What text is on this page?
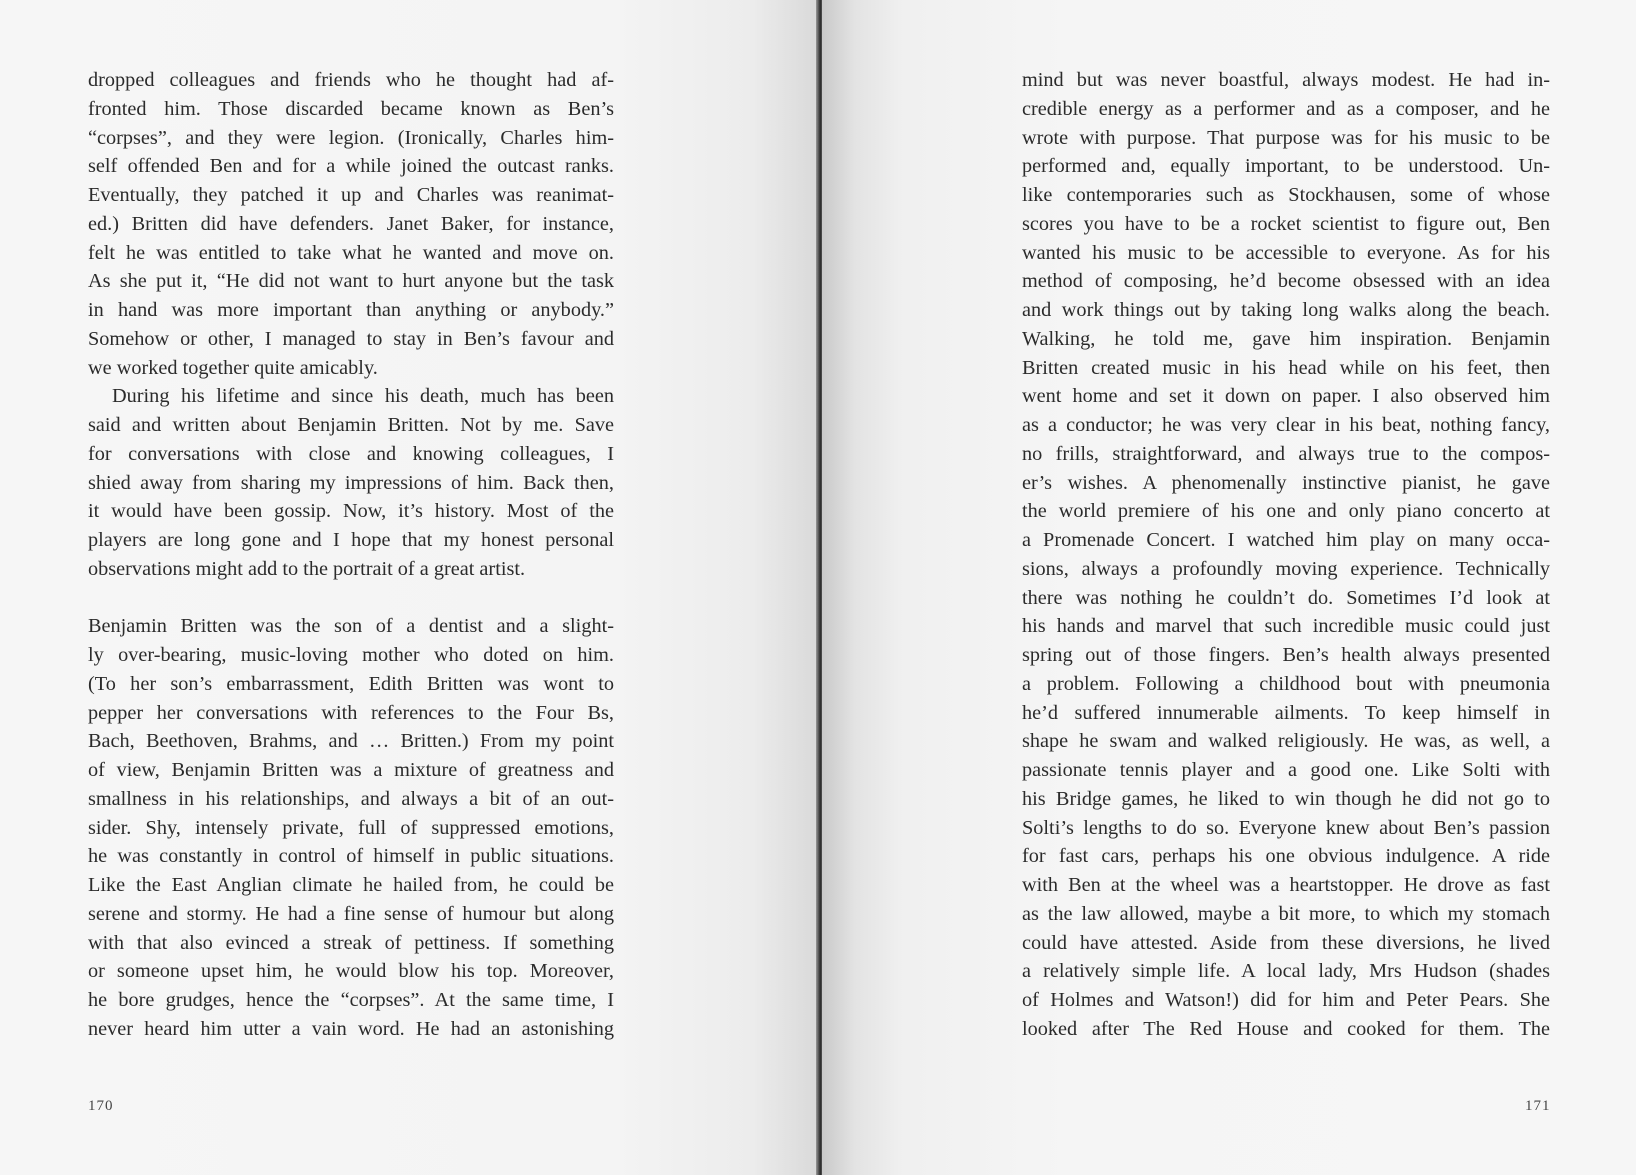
dropped colleagues and friends who he thought had af-
fronted him. Those discarded became known as Ben’s
“corpses”, and they were legion. (Ironically, Charles him-
self offended Ben and for a while joined the outcast ranks.
Eventually, they patched it up and Charles was reanimat-
ed.) Britten did have defenders. Janet Baker, for instance,
felt he was entitled to take what he wanted and move on.
As she put it, “He did not want to hurt anyone but the task
in hand was more important than anything or anybody.”
Somehow or other, I managed to stay in Ben’s favour and
we worked together quite amicably.
During his lifetime and since his death, much has been
said and written about Benjamin Britten. Not by me. Save
for conversations with close and knowing colleagues, I
shied away from sharing my impressions of him. Back then,
it would have been gossip. Now, it’s history. Most of the
players are long gone and I hope that my honest personal
observations might add to the portrait of a great artist.
Benjamin Britten was the son of a dentist and a slight-
ly over-bearing, music-loving mother who doted on him.
(To her son’s embarrassment, Edith Britten was wont to
pepper her conversations with references to the Four Bs,
Bach, Beethoven, Brahms, and … Britten.) From my point
of view, Benjamin Britten was a mixture of greatness and
smallness in his relationships, and always a bit of an out-
sider. Shy, intensely private, full of suppressed emotions,
he was constantly in control of himself in public situations.
Like the East Anglian climate he hailed from, he could be
serene and stormy. He had a fine sense of humour but along
with that also evinced a streak of pettiness. If something
or someone upset him, he would blow his top. Moreover,
he bore grudges, hence the “corpses”. At the same time, I
never heard him utter a vain word. He had an astonishing
170
mind but was never boastful, always modest. He had in-
credible energy as a performer and as a composer, and he
wrote with purpose. That purpose was for his music to be
performed and, equally important, to be understood. Un-
like contemporaries such as Stockhausen, some of whose
scores you have to be a rocket scientist to figure out, Ben
wanted his music to be accessible to everyone. As for his
method of composing, he’d become obsessed with an idea
and work things out by taking long walks along the beach.
Walking, he told me, gave him inspiration. Benjamin
Britten created music in his head while on his feet, then
went home and set it down on paper. I also observed him
as a conductor; he was very clear in his beat, nothing fancy,
no frills, straightforward, and always true to the compos-
er’s wishes. A phenomenally instinctive pianist, he gave
the world premiere of his one and only piano concerto at
a Promenade Concert. I watched him play on many occa-
sions, always a profoundly moving experience. Technically
there was nothing he couldn’t do. Sometimes I’d look at
his hands and marvel that such incredible music could just
spring out of those fingers. Ben’s health always presented
a problem. Following a childhood bout with pneumonia
he’d suffered innumerable ailments. To keep himself in
shape he swam and walked religiously. He was, as well, a
passionate tennis player and a good one. Like Solti with
his Bridge games, he liked to win though he did not go to
Solti’s lengths to do so. Everyone knew about Ben’s passion
for fast cars, perhaps his one obvious indulgence. A ride
with Ben at the wheel was a heartstopper. He drove as fast
as the law allowed, maybe a bit more, to which my stomach
could have attested. Aside from these diversions, he lived
a relatively simple life. A local lady, Mrs Hudson (shades
of Holmes and Watson!) did for him and Peter Pears. She
looked after The Red House and cooked for them. The
171
